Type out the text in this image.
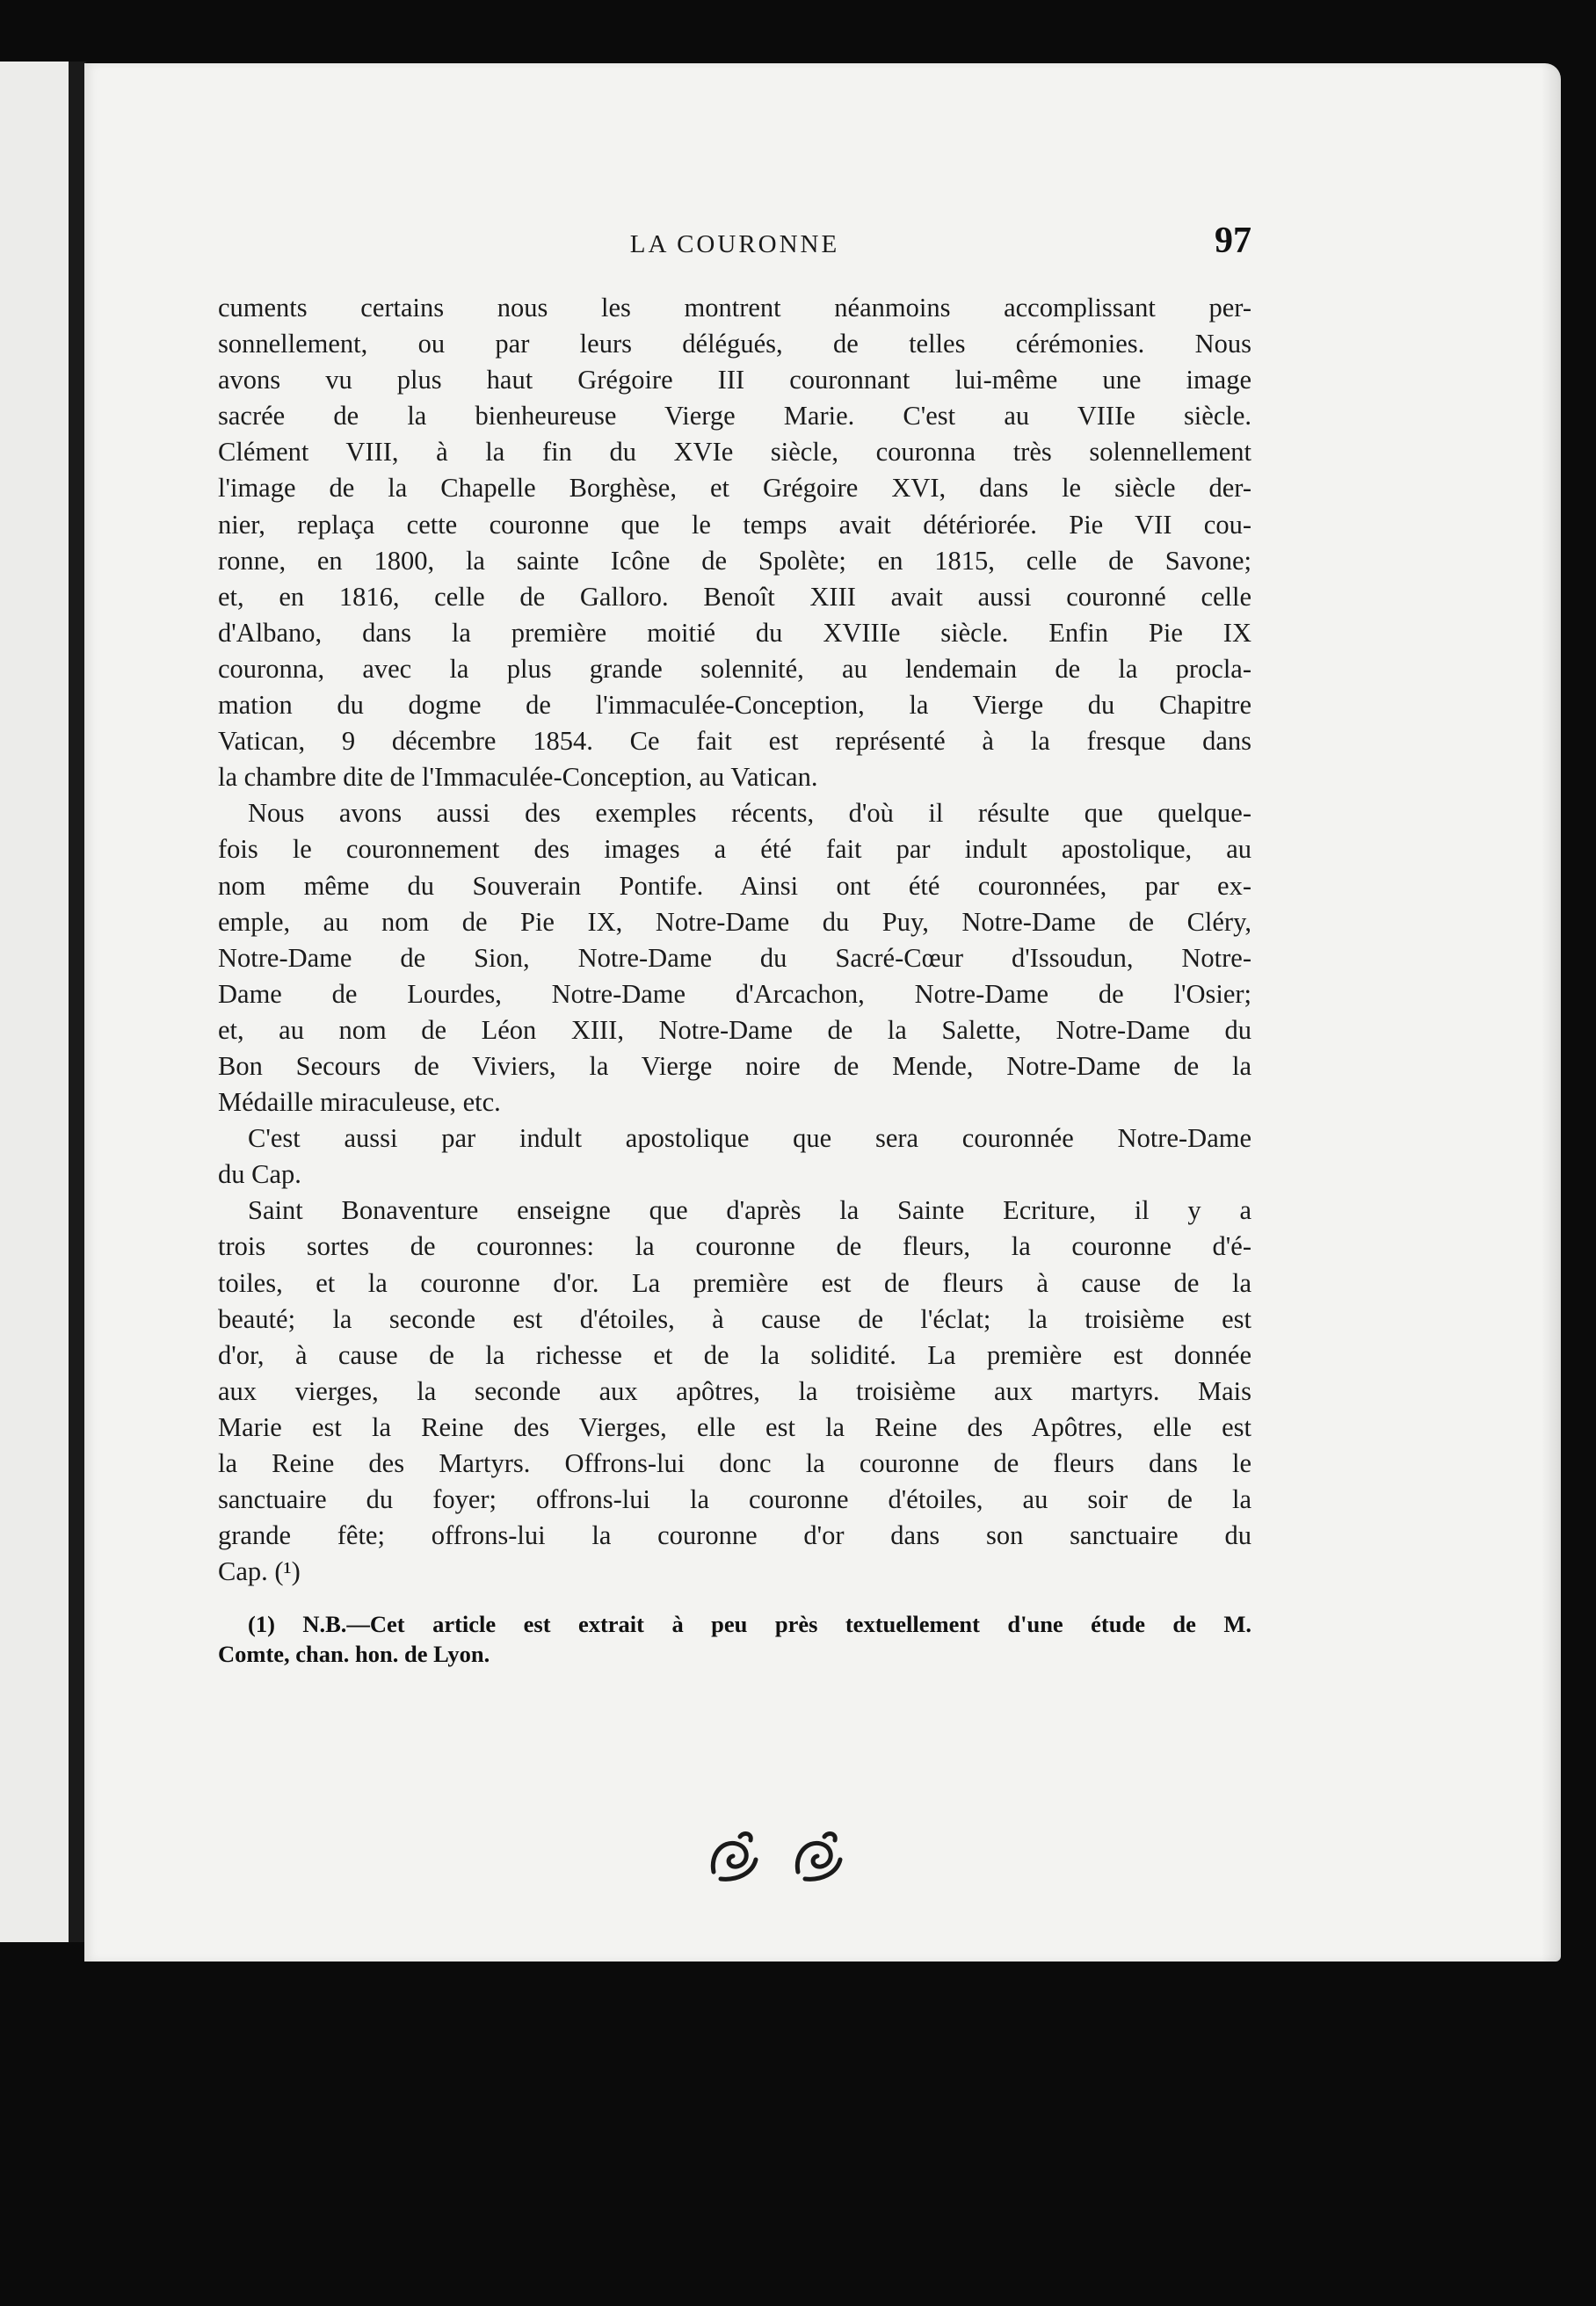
LA COURONNE	97
cuments certains nous les montrent néanmoins accomplissant per-
sonnellement, ou par leurs délégués, de telles cérémonies. Nous
avons vu plus haut Grégoire III couronnant lui-même une image
sacrée de la bienheureuse Vierge Marie. C'est au VIIIe siècle.
Clément VIII, à la fin du XVIe siècle, couronna très solennellement
l'image de la Chapelle Borghèse, et Grégoire XVI, dans le siècle der-
nier, replaça cette couronne que le temps avait détériorée. Pie VII cou-
ronne, en 1800, la sainte Icône de Spolète; en 1815, celle de Savone;
et, en 1816, celle de Galloro. Benoît XIII avait aussi couronné celle
d'Albano, dans la première moitié du XVIIIe siècle. Enfin Pie IX
couronna, avec la plus grande solennité, au lendemain de la procla-
mation du dogme de l'immaculée-Conception, la Vierge du Chapitre
Vatican, 9 décembre 1854. Ce fait est représenté à la fresque dans
la chambre dite de l'Immaculée-Conception, au Vatican.
Nous avons aussi des exemples récents, d'où il résulte que quelque-
fois le couronnement des images a été fait par indult apostolique, au
nom même du Souverain Pontife. Ainsi ont été couronnées, par ex-
emple, au nom de Pie IX, Notre-Dame du Puy, Notre-Dame de Cléry,
Notre-Dame de Sion, Notre-Dame du Sacré-Cœur d'Issoudun, Notre-
Dame de Lourdes, Notre-Dame d'Arcachon, Notre-Dame de l'Osier;
et, au nom de Léon XIII, Notre-Dame de la Salette, Notre-Dame du
Bon Secours de Viviers, la Vierge noire de Mende, Notre-Dame de la
Médaille miraculeuse, etc.
C'est aussi par indult apostolique que sera couronnée Notre-Dame
du Cap.
Saint Bonaventure enseigne que d'après la Sainte Ecriture, il y a
trois sortes de couronnes: la couronne de fleurs, la couronne d'é-
toiles, et la couronne d'or. La première est de fleurs à cause de la
beauté; la seconde est d'étoiles, à cause de l'éclat; la troisième est
d'or, à cause de la richesse et de la solidité. La première est donnée
aux vierges, la seconde aux apôtres, la troisième aux martyrs. Mais
Marie est la Reine des Vierges, elle est la Reine des Apôtres, elle est
la Reine des Martyrs. Offrons-lui donc la couronne de fleurs dans le
sanctuaire du foyer; offrons-lui la couronne d'étoiles, au soir de la
grande fête; offrons-lui la couronne d'or dans son sanctuaire du
Cap. (¹)
(1) N.B.—Cet article est extrait à peu près textuellement d'une étude de M.
Comte, chan. hon. de Lyon.
